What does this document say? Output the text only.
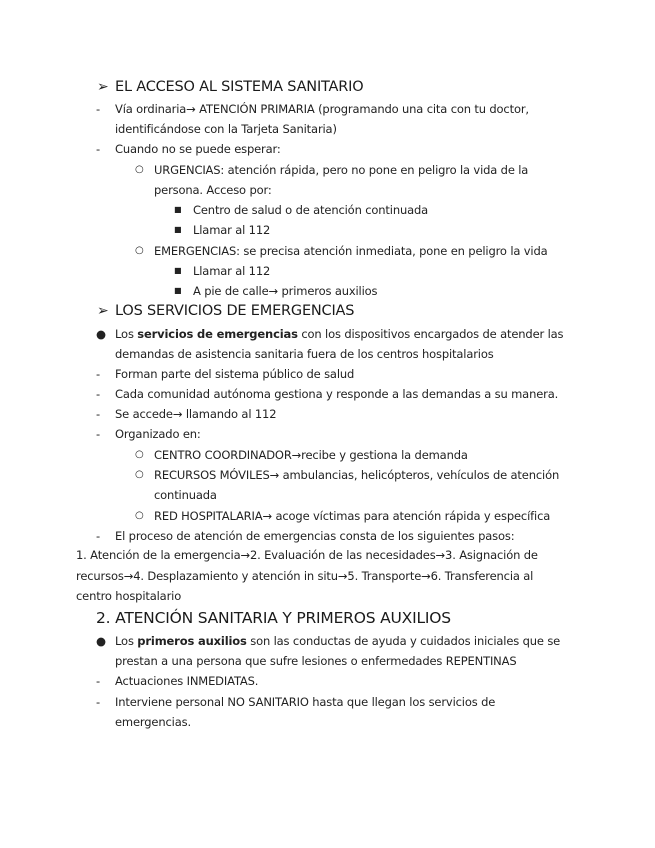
➢ EL ACCESO AL SISTEMA SANITARIO
- Vía ordinaria→ ATENCIÓN PRIMARIA (programando una cita con tu doctor,
identificándose con la Tarjeta Sanitaria)
- Cuando no se puede esperar:
○ URGENCIAS: atención rápida, pero no pone en peligro la vida de la
persona. Acceso por:
■ Centro de salud o de atención continuada
■ Llamar al 112
○ EMERGENCIAS: se precisa atención inmediata, pone en peligro la vida
■ Llamar al 112
■ A pie de calle→ primeros auxilios
➢ LOS SERVICIOS DE EMERGENCIAS
● Los servicios de emergencias con los dispositivos encargados de atender las
demandas de asistencia sanitaria fuera de los centros hospitalarios
- Forman parte del sistema público de salud
- Cada comunidad autónoma gestiona y responde a las demandas a su manera.
- Se accede→ llamando al 112
- Organizado en:
○ CENTRO COORDINADOR→recibe y gestiona la demanda
○ RECURSOS MÓVILES→ ambulancias, helicópteros, vehículos de atención
continuada
○ RED HOSPITALARIA→ acoge víctimas para atención rápida y específica
- El proceso de atención de emergencias consta de los siguientes pasos:
1. Atención de la emergencia→2. Evaluación de las necesidades→3. Asignación de
recursos→4. Desplazamiento y atención in situ→5. Transporte→6. Transferencia al
centro hospitalario
2. ATENCIÓN SANITARIA Y PRIMEROS AUXILIOS
● Los primeros auxilios son las conductas de ayuda y cuidados iniciales que se
prestan a una persona que sufre lesiones o enfermedades REPENTINAS
- Actuaciones INMEDIATAS.
- Interviene personal NO SANITARIO hasta que llegan los servicios de
emergencias.
